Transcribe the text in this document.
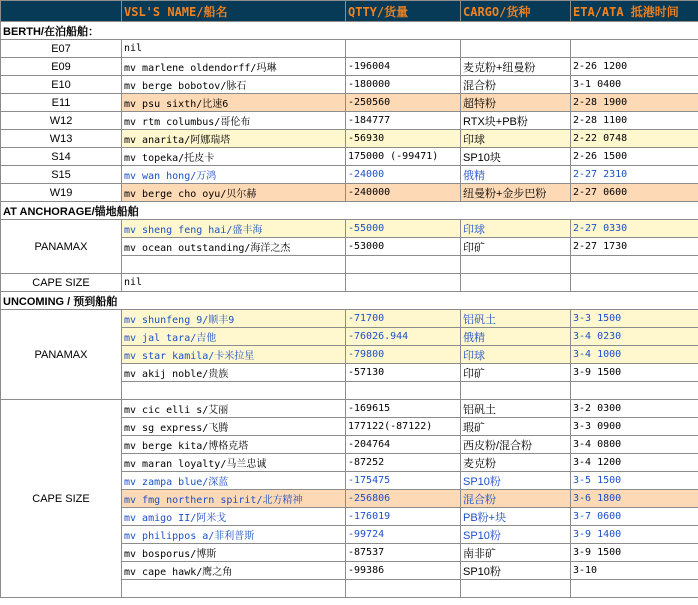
	VSL'S NAME/船名	QTTY/货量	CARGO/货种	ETA/ATA 抵港时间
BERTH/在泊船舶：				
E07	nil			
E09	mv marlene oldendorff/玛琳	-196004	麦克粉+纽曼粉	2-26 1200
E10	mv berge bobotov/脉石	-180000	混合粉	3-1 0400
E11	mv psu sixth/比速6	-250560	超特粉	2-28 1900
W12	mv rtm columbus/哥伦布	-184777	RTX块+PB粉	2-28 1100
W13	mv anarita/阿娜瑞塔	-56930	印球	2-22 0748
S14	mv topeka/托皮卡	175000 (-99471)	SP10块	2-26 1500
S15	mv wan hong/万鸿	-24000	俄精	2-27 2310
W19	mv berge cho oyu/贝尔赫	-240000	纽曼粉+金步巴粉	2-27 0600
AT ANCHORAGE/锚地船舶				
PANAMAX	mv sheng feng hai/盛丰海	-55000	印球	2-27 0330
	mv ocean outstanding/海洋之杰	-53000	印矿	2-27 1730

CAPE SIZE	nil			
UNCOMING / 预到船舶				
PANAMAX	mv shunfeng 9/顺丰9	-71700	铝矾土	3-3 1500
	mv jal tara/吉他	-76026.944	俄精	3-4 0230
	mv star kamila/卡米拉星	-79800	印球	3-4 1000
	mv akij noble/贵族	-57130	印矿	3-9 1500

CAPE SIZE	mv cic elli s/艾丽	-169615	铝矾土	3-2 0300
	mv sg express/飞腾	177122(-87122)	瑕矿	3-3 0900
	mv berge kita/博格克塔	-204764	西皮粉/混合粉	3-4 0800
	mv maran loyalty/马兰忠诚	-87252	麦克粉	3-4 1200
	mv zampa blue/深蓝	-175475	SP10粉	3-5 1500
	mv fmg northern spirit/北方精神	-256806	混合粉	3-6 1800
	mv amigo II/阿米戈	-176019	PB粉+块	3-7 0600
	mv philippos a/菲利普斯	-99724	SP10粉	3-9 1400
	mv bosporus/博斯	-87537	南非矿	3-9 1500
	mv cape hawk/鹰之角	-99386	SP10粉	3-10
